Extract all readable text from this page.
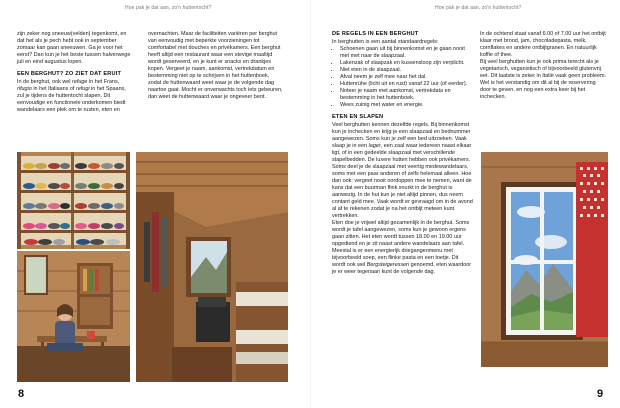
Hoe pak je dat aan, zo'n huttentocht?	Hoe pak je dat aan, zo'n huttentocht?

zijn zeker nog sneeuw(velden) tegenkomt, en dat het als je pech hebt ook in september zomaar kan gaan sneeuwen. Ga je voor het eerst? Dan kun je het beste tussen halverwege juli en eind augustus lopen.

EEN BERGHUT? ZO ZIET DAT ERUIT

In de berghut, ook wel refuge in het Frans, rifugio in het Italiaans of refugi in het Spaans, zul je tijdens de huttentocht slapen. Dit eenvoudige en functionele onderkomen biedt wandelaars een plek om te rusten, eten en

overnachten. Maar de faciliteiten variëren per berghut van eenvoudig met beperkte voorzieningen tot comfortabel met douches en privékamers. Een berghut heeft altijd een restaurant waar een stevige maaltijd wordt geserveerd, en je kunt er snacks en drankjes kopen. Vergeet je naam, aankomst, vertrekdatum en bestemming niet op te schrijven in het huttenboek, zodat de huttenwaard weet waar je de volgende dag naartoe gaat. Mocht er onverwachts toch iets gebeuren, dan weet de huttenwaard waar je ongeveer bent.

8
DE REGELS IN EEN BERGHUT

In berghutten is een aantal standaardregels:

• Schoenen gaan uit bij binnenkomst en je gaan nooit met met naar de slaapzaal.
• Lakenzak of slaapzak en kussensloop zijn verplicht.
• Niet eten in de slaapzaal.
• Afval neem je zelf mee naar het dal.
• Huttenrühe (licht uit en rust) vanaf 22 uur (of eerder).
• Noteer je naam met aankomst, vertrekdata en bestemming in het huttenboek.
• Wees zuinig met water en energie.
ETEN EN SLAPEN

Veel berghutten kennen dezelfde regels. Bij binnenkomst kun je inchecken en krijg je een slaapzaal en bednummer aangewezen. Soms kun je zelf een bed uitzoeken. Vaak slaap je in een lager, een zaal waar iedereen naast elkaar ligt, of in een gedeelde slaapzaal met verschillende stapelbedden. De luxere hutten hebben ook privékamers. Soms deel je de slaapzaal met veertig medewandelaars, soms met een paar anderen of zelfs helemaal alleen. Hoe dan ook: vergeet nooit oordoppen mee te nemen, want de kans dat een buurman flink snurkt in de berghut is aanwezig. In de hut kun je niet altijd pinnen, dus neem contant geld mee. Vaak wordt er gevraagd om in de avond al af te rekenen zodat je na het ontbijt meteen kunt vertrekken.

Eten doe je vrijwel altijd gezamenlijk in de berghut. Soms wordt je tafel aangewezen, soms kun je gewoon ergens gaan zitten. Het eten wordt tussen 18.00 en 19.00 uur opgediend en je zit naast andere wandelaars aan tafel. Meestal is er een energierijk driegangenmenu met bijvoorbeeld soep, een flinke pasta en een toetje. Dit wordt ook wel Bergsteigeressen genoemd, eten waardoor je er weer tegenaan kunt de volgende dag.

In de ochtend staat vanaf 6.00 of 7.00 uur het ontbijt klaar met brood, jam, chocoladepasta, melk, cornflakes en andere ontbijtgranen. En natuurlijk koffie of thee.

Bij veel berghutten kun je ook prima terecht als je vegetarisch, veganistisch of bijvoorbeeld glutenvrij eet. Dit laatste is zeker in Italië vaak geen probleem. Wel is het verstandig om dit al bij de reservering door te geven, en nog een extra keer bij het inchecken.

9
